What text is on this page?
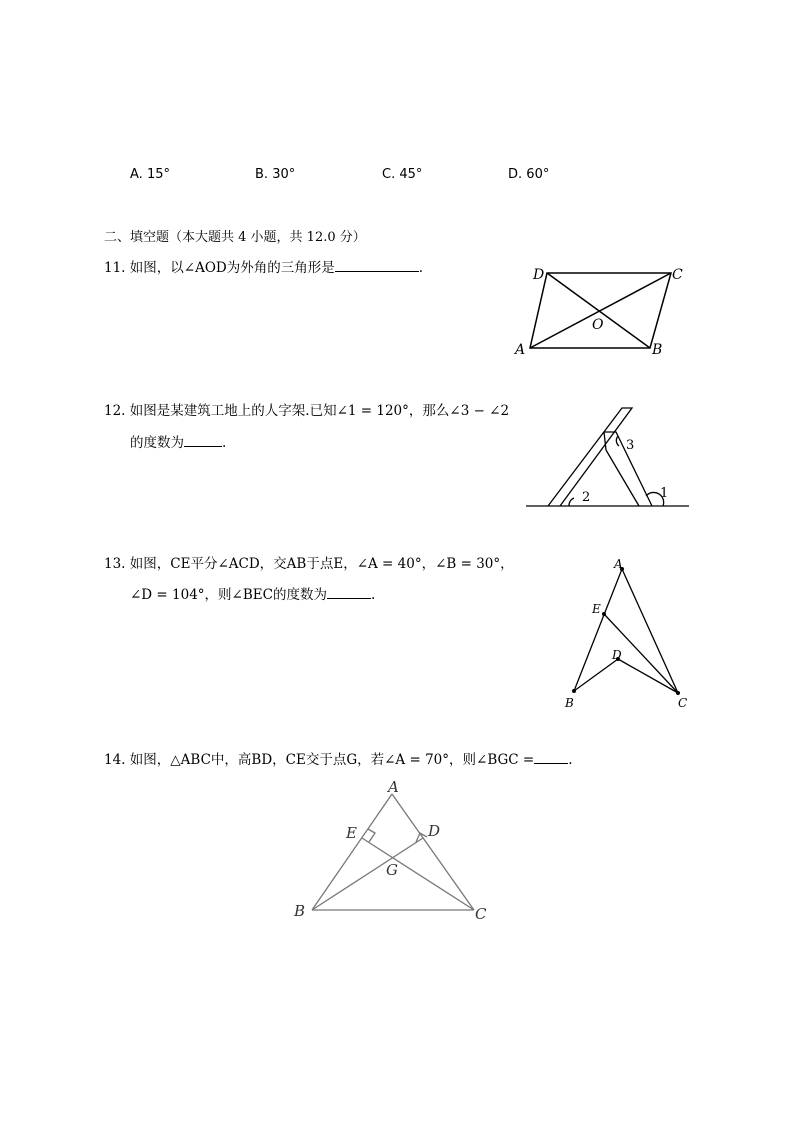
A. 15°	B. 30°	C. 45°	D. 60°
二、填空题（本大题共 4 小题，共 12.0 分）
11. 如图，以∠AOD为外角的三角形是	.
12. 如图是某建筑工地上的人字架.已知∠1 = 120°，那么∠3 − ∠2
的度数为	.
13. 如图，CE平分∠ACD，交AB于点E，∠A = 40°，∠B = 30°，
∠D = 104°，则∠BEC的度数为	.
14. 如图，△ABC中，高BD，CE交于点G，若∠A = 70°，则∠BGC =	.
D	C
O
A	B
3
2	1
A
E
D
B	C
A
E	D
G
B	C
